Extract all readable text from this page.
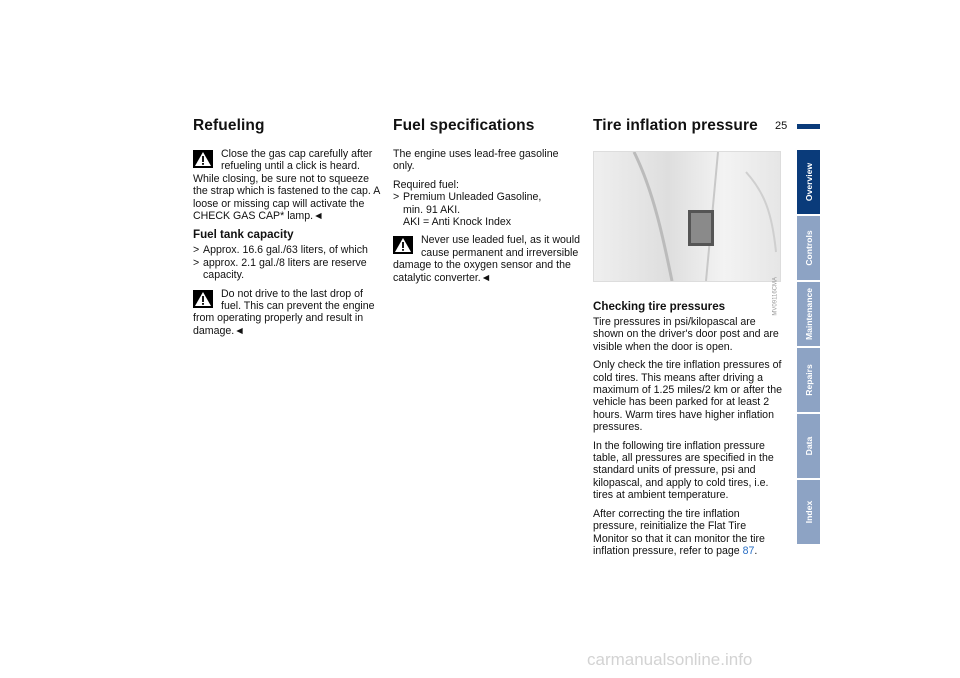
25
Refueling
Close the gas cap carefully after refueling until a click is heard. While closing, be sure not to squeeze the strap which is fastened to the cap. A loose or missing cap will activate the CHECK GAS CAP* lamp.◄
Fuel tank capacity
> Approx. 16.6 gal./63 liters, of which
> approx. 2.1 gal./8 liters are reserve capacity.
Do not drive to the last drop of fuel. This can prevent the engine from operating properly and result in damage.◄
Fuel specifications

The engine uses lead-free gasoline only.

Required fuel:

> Premium Unleaded Gasoline,
min. 91 AKI.
AKI = Anti Knock Index
Never use leaded fuel, as it would cause permanent and irreversible damage to the oxygen sensor and the catalytic converter.◄
Tire inflation pressure
MV09116CMA
Checking tire pressures

Tire pressures in psi/kilopascal are shown on the driver's door post and are visible when the door is open.

Only check the tire inflation pressures of cold tires. This means after driving a maximum of 1.25 miles/2 km or after the vehicle has been parked for at least 2 hours. Warm tires have higher inflation pressures.

In the following tire inflation pressure table, all pressures are specified in the standard units of pressure, psi and kilopascal, and apply to cold tires, i.e. tires at ambient temperature.

After correcting the tire inflation pressure, reinitialize the Flat Tire Monitor so that it can monitor the tire inflation pressure, refer to page 87.

Overview
Controls
Maintenance
Repairs
Data
Index
carmanualsonline.info
